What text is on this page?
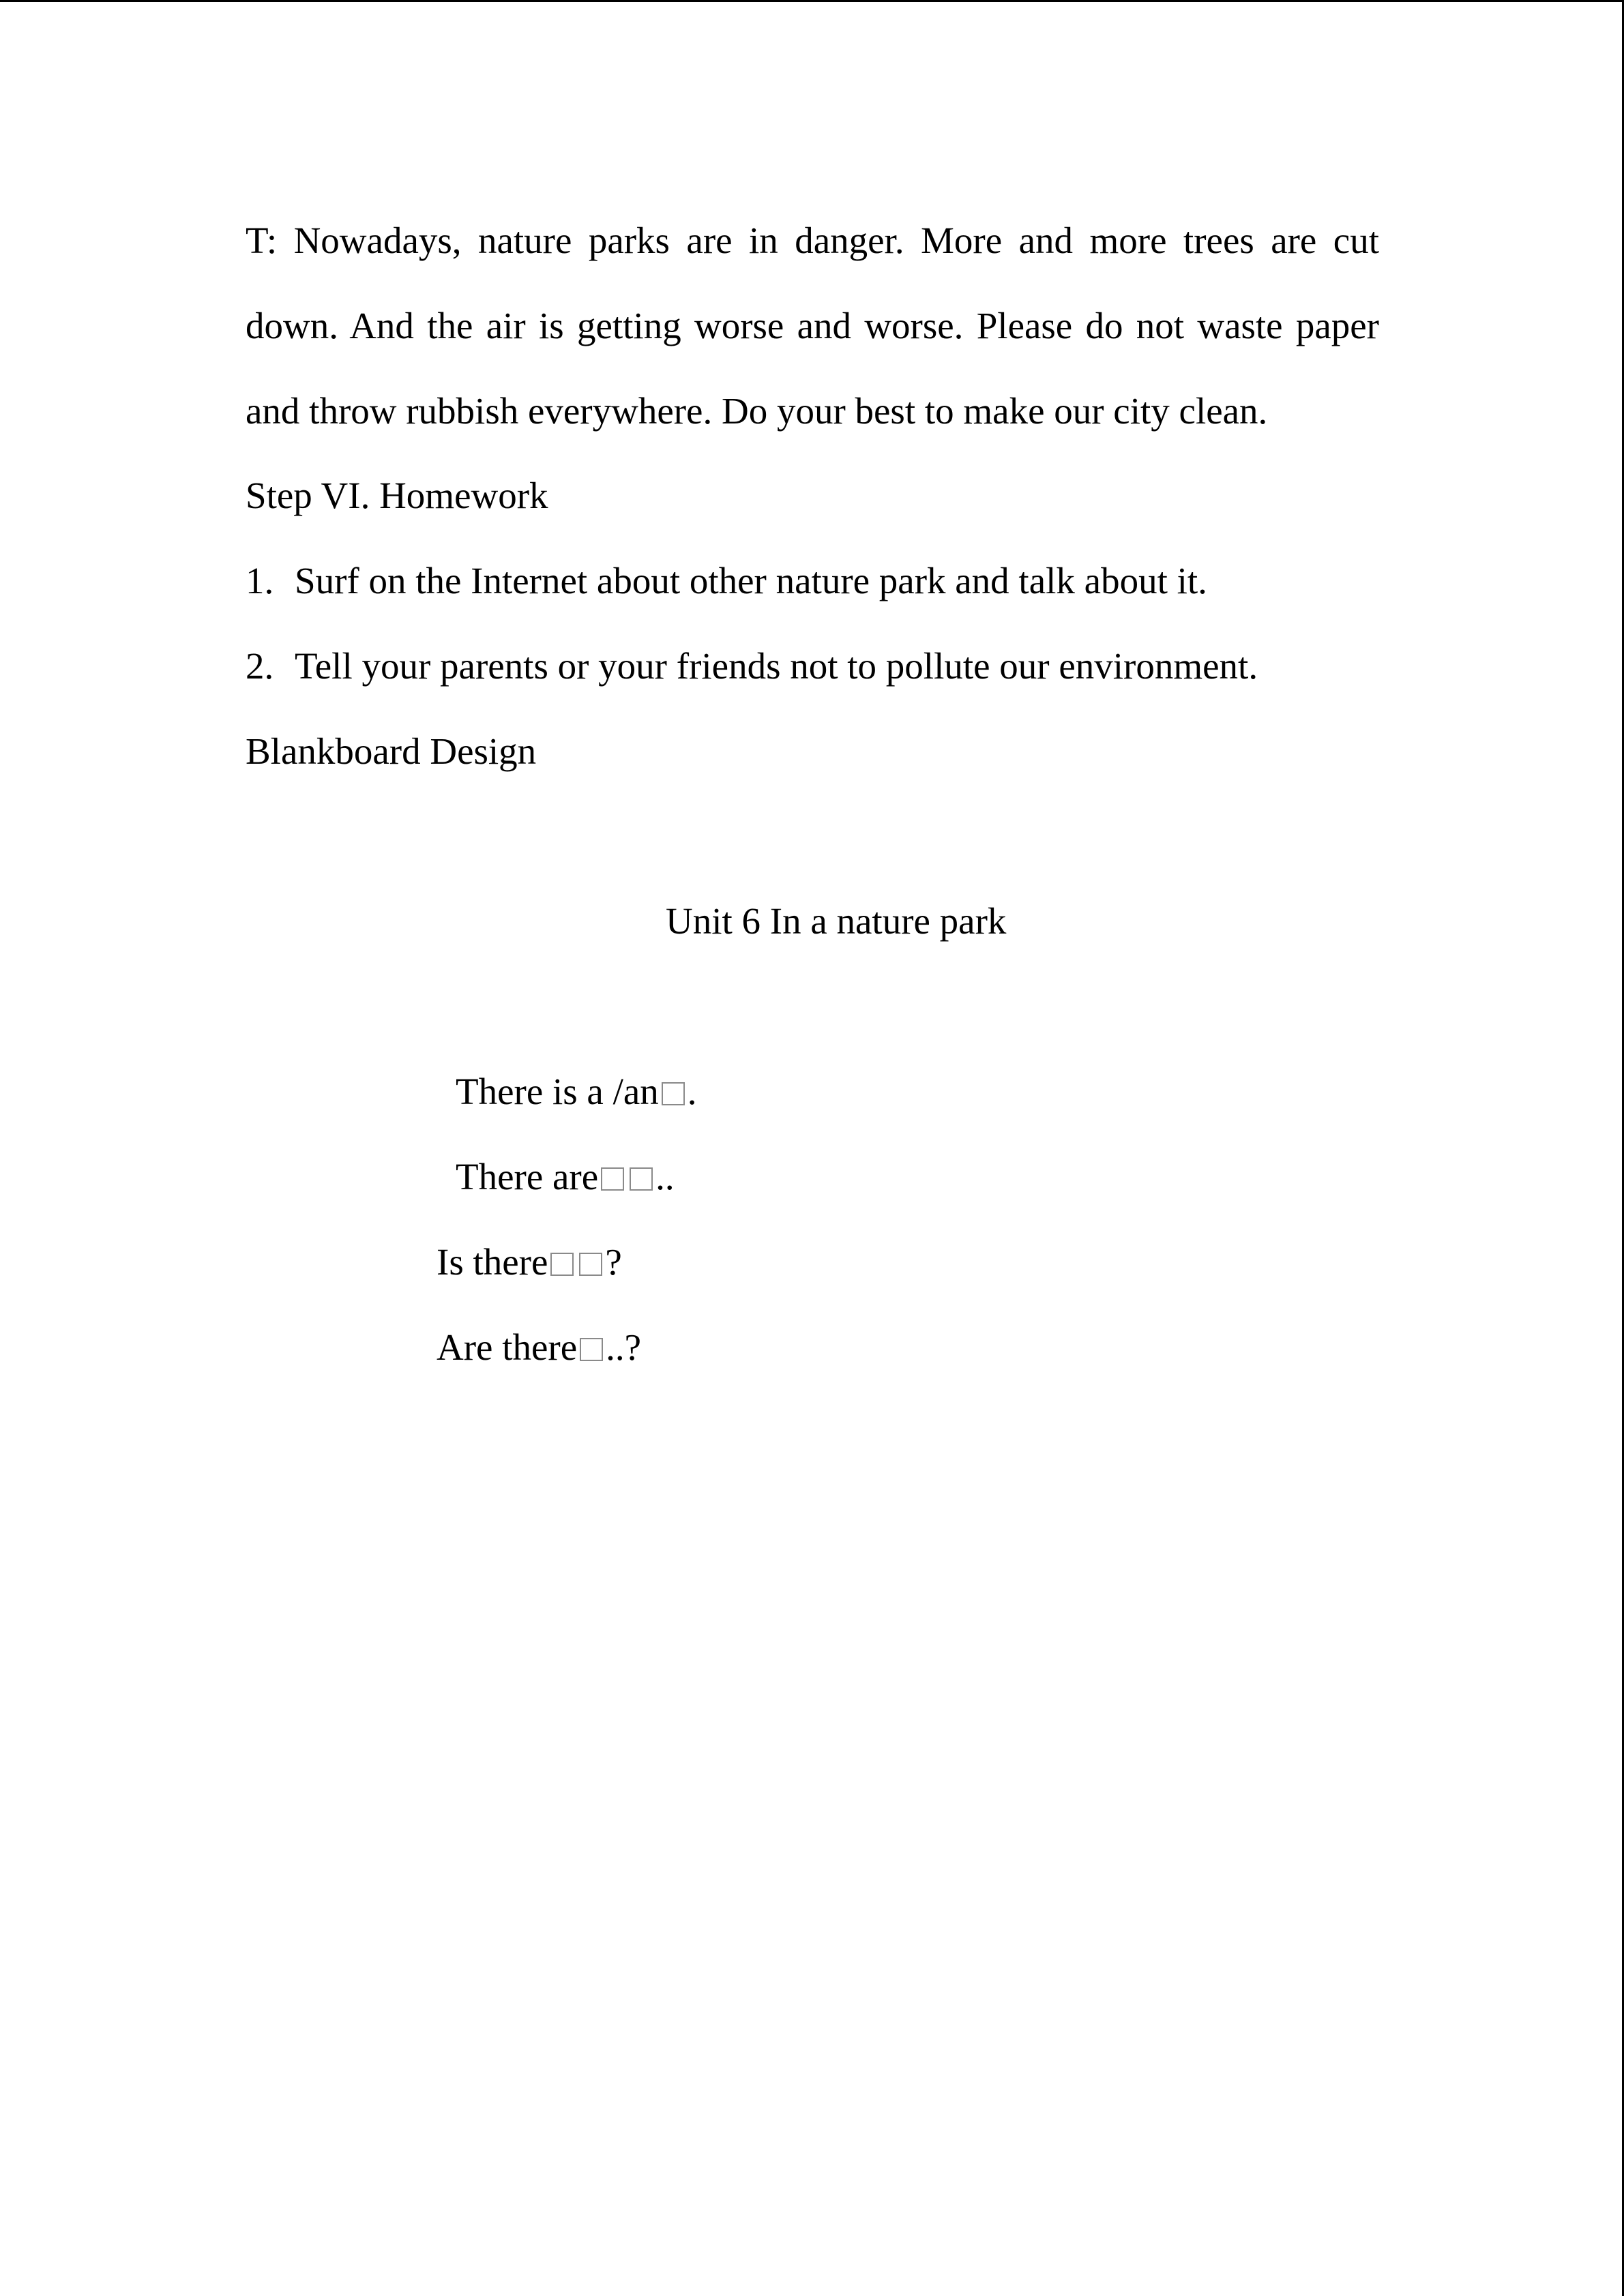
T: Nowadays, nature parks are in danger. More and more trees are cut down. And the air is getting worse and worse. Please do not waste paper and throw rubbish everywhere. Do your best to make our city clean.
Step VI. Homework
1. Surf on the Internet about other nature park and talk about it.
2. Tell your parents or your friends not to pollute our environment.
Blankboard Design
Unit 6 In a nature park
There is a /an .
There are ..
Is there ?
Are there ..?
